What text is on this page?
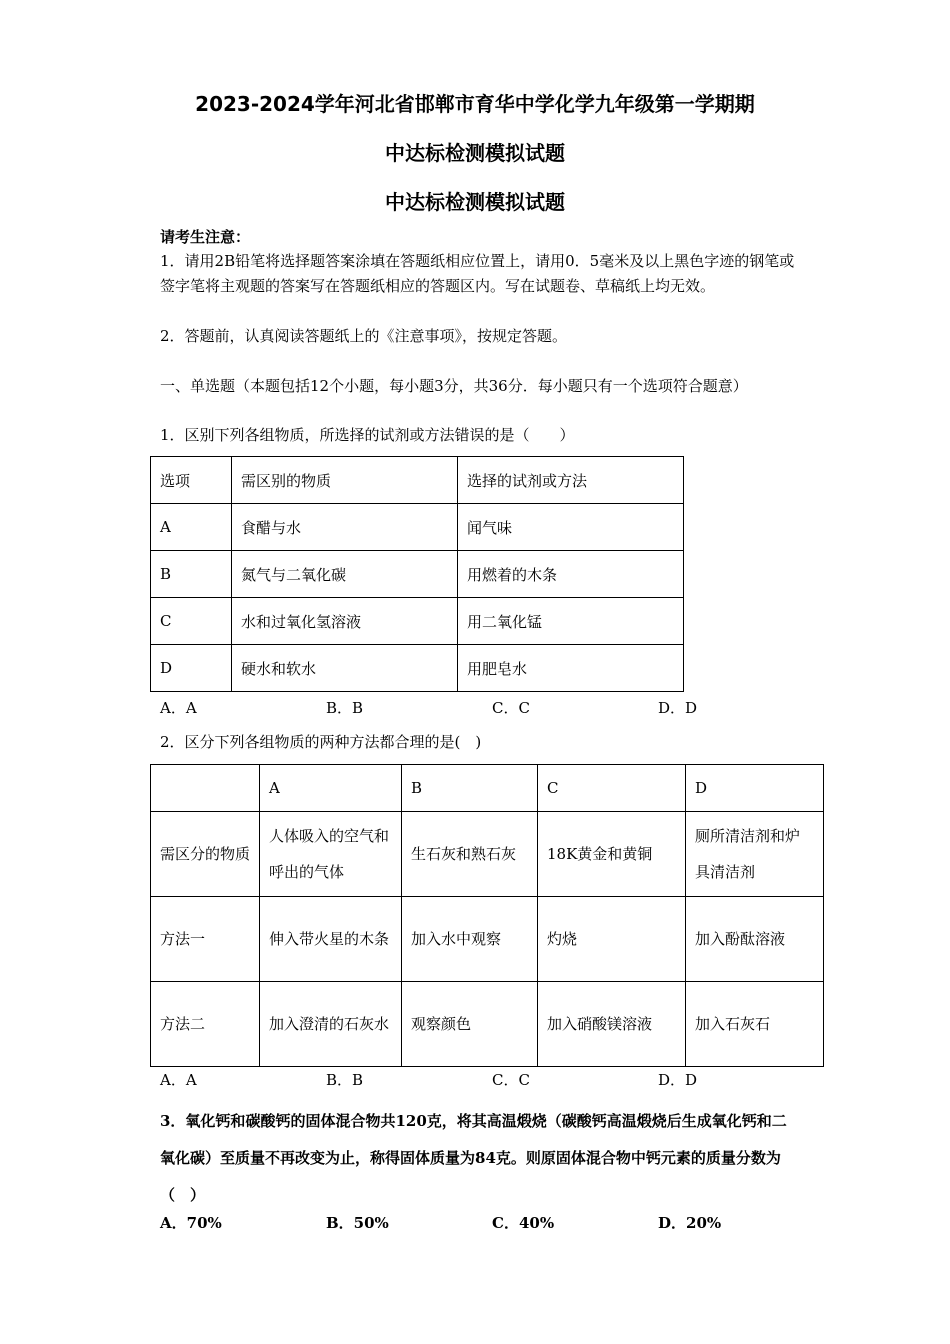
2023-2024学年河北省邯郸市育华中学化学九年级第一学期期
中达标检测模拟试题
中达标检测模拟试题
请考生注意：
1．请用2B铅笔将选择题答案涂填在答题纸相应位置上，请用0．5毫米及以上黑色字迹的钢笔或签字笔将主观题的答案写在答题纸相应的答题区内。写在试题卷、草稿纸上均无效。
2．答题前，认真阅读答题纸上的《注意事项》，按规定答题。
一、单选题（本题包括12个小题，每小题3分，共36分．每小题只有一个选项符合题意）
1．区别下列各组物质，所选择的试剂或方法错误的是（　　）
选项	需区别的物质	选择的试剂或方法
A	食醋与水	闻气味
B	氮气与二氧化碳	用燃着的木条
C	水和过氧化氢溶液	用二氧化锰
D	硬水和软水	用肥皂水
A．A	B．B	C．C	D．D
2．区分下列各组物质的两种方法都合理的是(　)
	A	B	C	D
需区分的物质	人体吸入的空气和呼出的气体	生石灰和熟石灰	18K黄金和黄铜	厕所清洁剂和炉具清洁剂
方法一	伸入带火星的木条	加入水中观察	灼烧	加入酚酞溶液
方法二	加入澄清的石灰水	观察颜色	加入硝酸镁溶液	加入石灰石
A．A	B．B	C．C	D．D
3．氧化钙和碳酸钙的固体混合物共120克，将其高温煅烧（碳酸钙高温煅烧后生成氧化钙和二氧化碳）至质量不再改变为止，称得固体质量为84克。则原固体混合物中钙元素的质量分数为（　）
A．70%	B．50%	C．40%	D．20%
